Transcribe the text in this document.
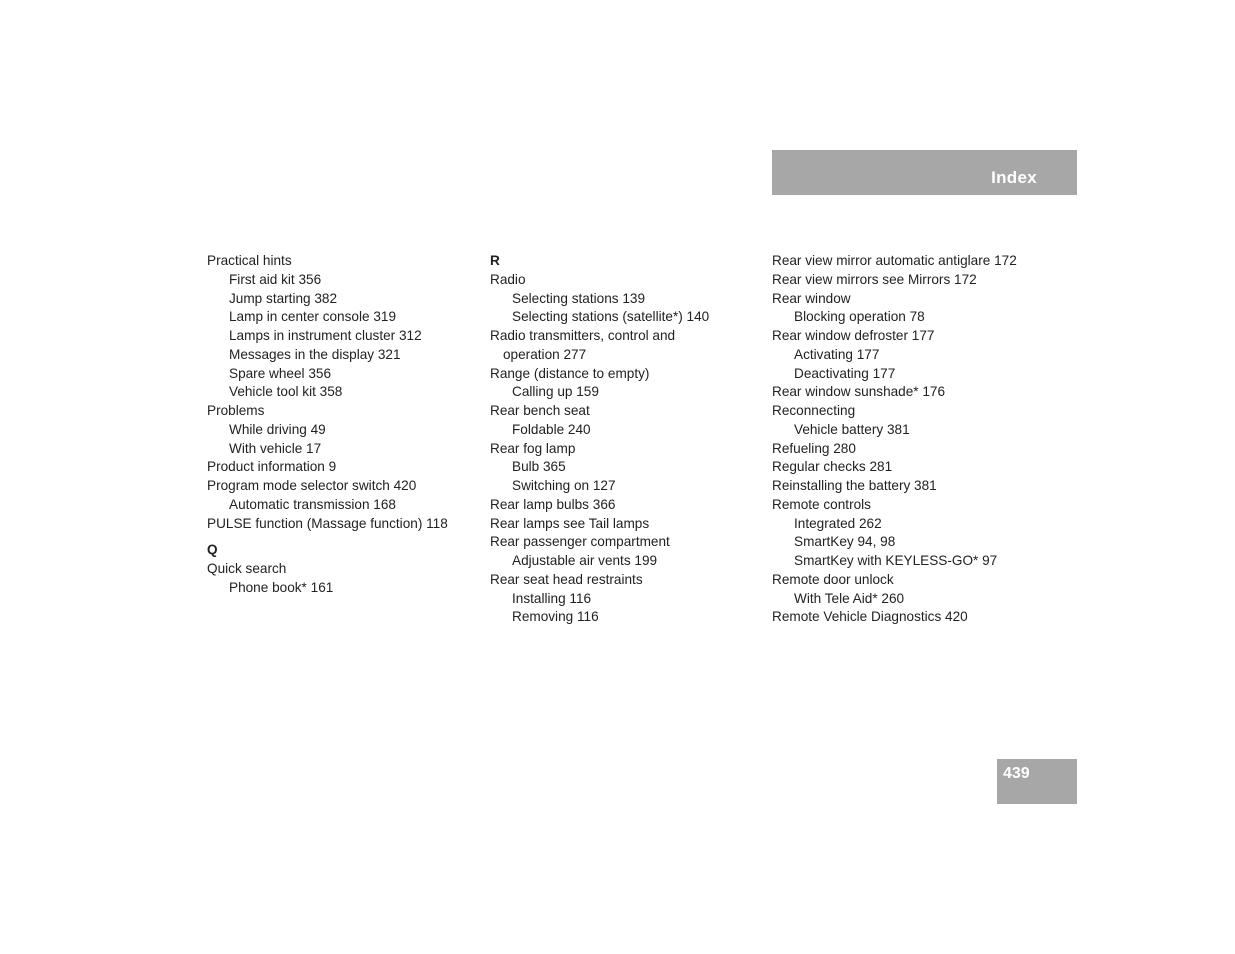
Index
Practical hints
First aid kit 356
Jump starting 382
Lamp in center console 319
Lamps in instrument cluster 312
Messages in the display 321
Spare wheel 356
Vehicle tool kit 358
Problems
While driving 49
With vehicle 17
Product information 9
Program mode selector switch 420
Automatic transmission 168
PULSE function (Massage function) 118
Q
Quick search
Phone book* 161
R
Radio
Selecting stations 139
Selecting stations (satellite*) 140
Radio transmitters, control and
operation 277
Range (distance to empty)
Calling up 159
Rear bench seat
Foldable 240
Rear fog lamp
Bulb 365
Switching on 127
Rear lamp bulbs 366
Rear lamps see Tail lamps
Rear passenger compartment
Adjustable air vents 199
Rear seat head restraints
Installing 116
Removing 116
Rear view mirror automatic antiglare 172
Rear view mirrors see Mirrors 172
Rear window
Blocking operation 78
Rear window defroster 177
Activating 177
Deactivating 177
Rear window sunshade* 176
Reconnecting
Vehicle battery 381
Refueling 280
Regular checks 281
Reinstalling the battery 381
Remote controls
Integrated 262
SmartKey 94, 98
SmartKey with KEYLESS-GO* 97
Remote door unlock
With Tele Aid* 260
Remote Vehicle Diagnostics 420
439
